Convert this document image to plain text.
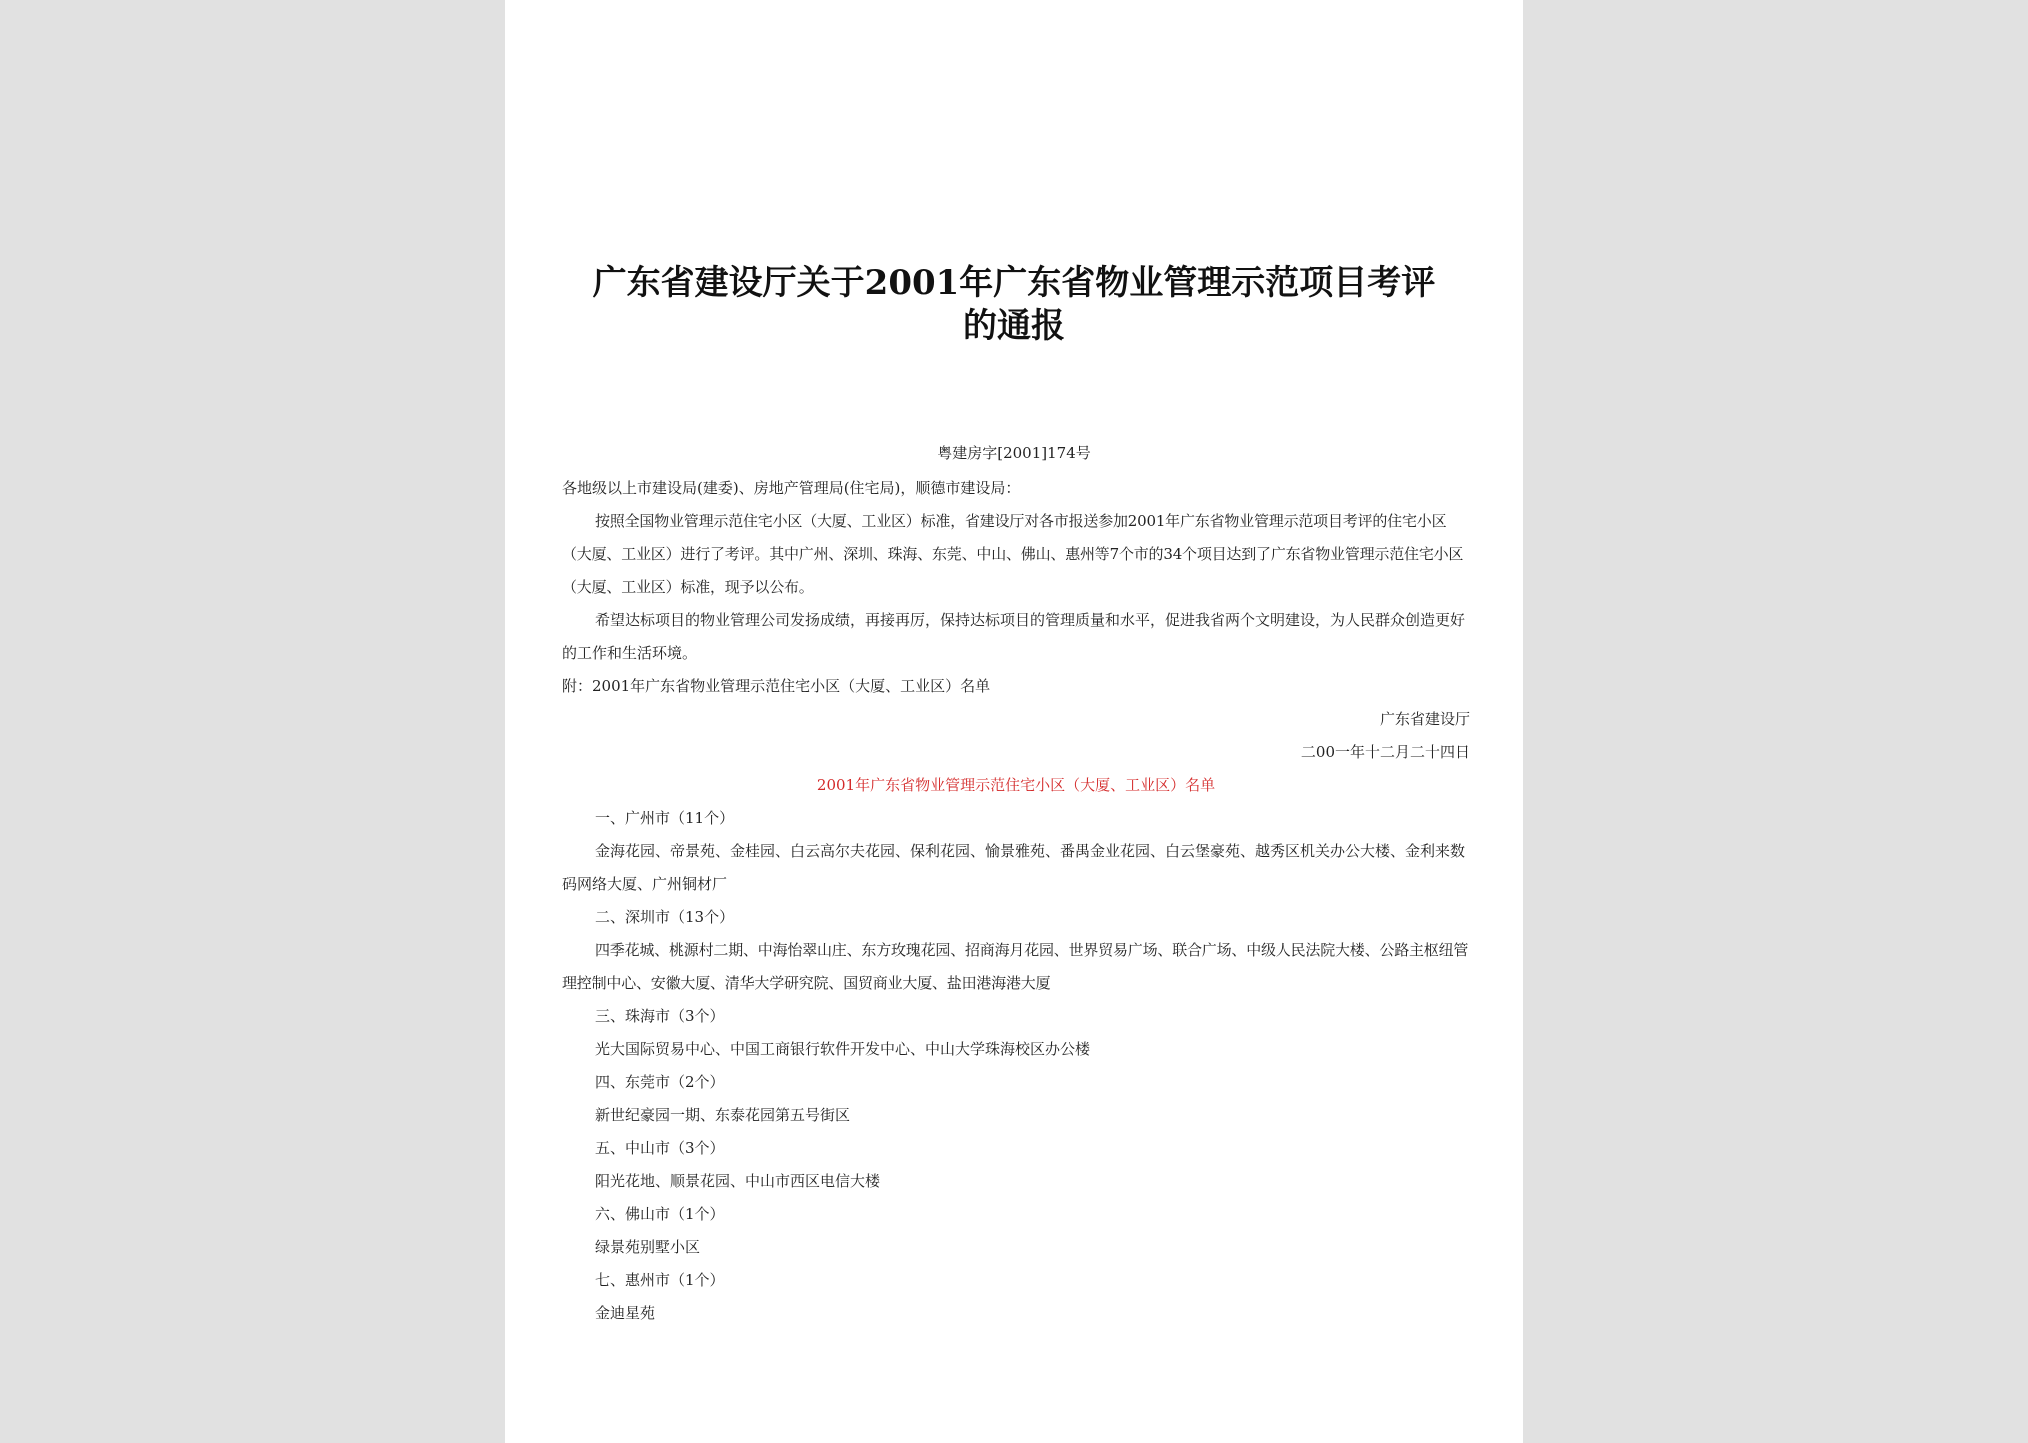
广东省建设厅关于2001年广东省物业管理示范项目考评
的通报
粤建房字[2001]174号

各地级以上市建设局(建委)、房地产管理局(住宅局)，顺德市建设局：

按照全国物业管理示范住宅小区（大厦、工业区）标准，省建设厅对各市报送参加2001年广东省物业管理示范项目考评的住宅小区（大厦、工业区）进行了考评。其中广州、深圳、珠海、东莞、中山、佛山、惠州等7个市的34个项目达到了广东省物业管理示范住宅小区（大厦、工业区）标准，现予以公布。

希望达标项目的物业管理公司发扬成绩，再接再厉，保持达标项目的管理质量和水平，促进我省两个文明建设，为人民群众创造更好的工作和生活环境。

附：2001年广东省物业管理示范住宅小区（大厦、工业区）名单

广东省建设厅

二00一年十二月二十四日

2001年广东省物业管理示范住宅小区（大厦、工业区）名单

一、广州市（11个）

金海花园、帝景苑、金桂园、白云高尔夫花园、保利花园、愉景雅苑、番禺金业花园、白云堡豪苑、越秀区机关办公大楼、金利来数码网络大厦、广州铜材厂

二、深圳市（13个）

四季花城、桃源村二期、中海怡翠山庄、东方玫瑰花园、招商海月花园、世界贸易广场、联合广场、中级人民法院大楼、公路主枢纽管理控制中心、安徽大厦、清华大学研究院、国贸商业大厦、盐田港海港大厦

三、珠海市（3个）

光大国际贸易中心、中国工商银行软件开发中心、中山大学珠海校区办公楼

四、东莞市（2个）

新世纪豪园一期、东泰花园第五号街区

五、中山市（3个）

阳光花地、顺景花园、中山市西区电信大楼

六、佛山市（1个）

绿景苑别墅小区

七、惠州市（1个）

金迪星苑
